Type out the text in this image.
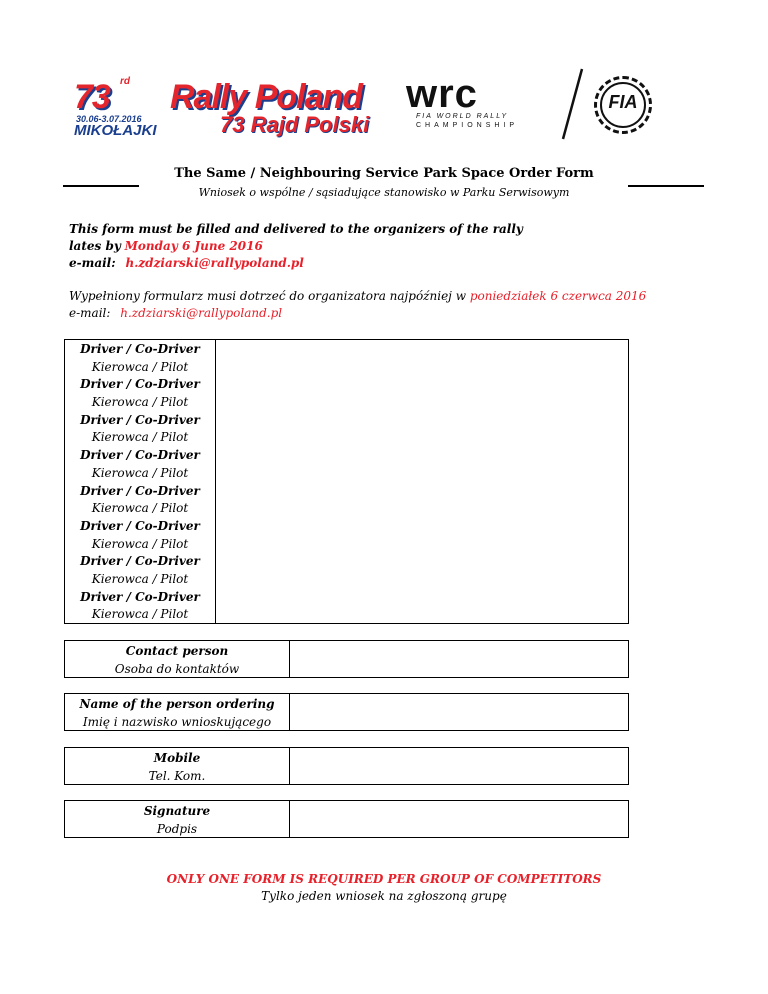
73 rd Rally Poland
30.06-3.07.2016
MIKOŁAJKI	73 Rajd Polski
wrc
FIA WORLD RALLY
CHAMPIONSHIP
FIA
The Same / Neighbouring Service Park Space Order Form
Wniosek o wspólne / sąsiadujące stanowisko w Parku Serwisowym
This form must be filled and delivered to the organizers of the rally
lates by Monday 6 June 2016
e-mail: h.zdziarski@rallypoland.pl
Wypełniony formularz musi dotrzeć do organizatora najpóźniej w poniedziałek 6 czerwca 2016
e-mail: h.zdziarski@rallypoland.pl
Driver / Co-Driver
Kierowca / Pilot
Driver / Co-Driver
Kierowca / Pilot
Driver / Co-Driver
Kierowca / Pilot
Driver / Co-Driver
Kierowca / Pilot
Driver / Co-Driver
Kierowca / Pilot
Driver / Co-Driver
Kierowca / Pilot
Driver / Co-Driver
Kierowca / Pilot
Driver / Co-Driver
Kierowca / Pilot
Contact person
Osoba do kontaktów
Name of the person ordering
Imię i nazwisko wnioskującego
Mobile
Tel. Kom.
Signature
Podpis
ONLY ONE FORM IS REQUIRED PER GROUP OF COMPETITORS
Tylko jeden wniosek na zgłoszoną grupę
